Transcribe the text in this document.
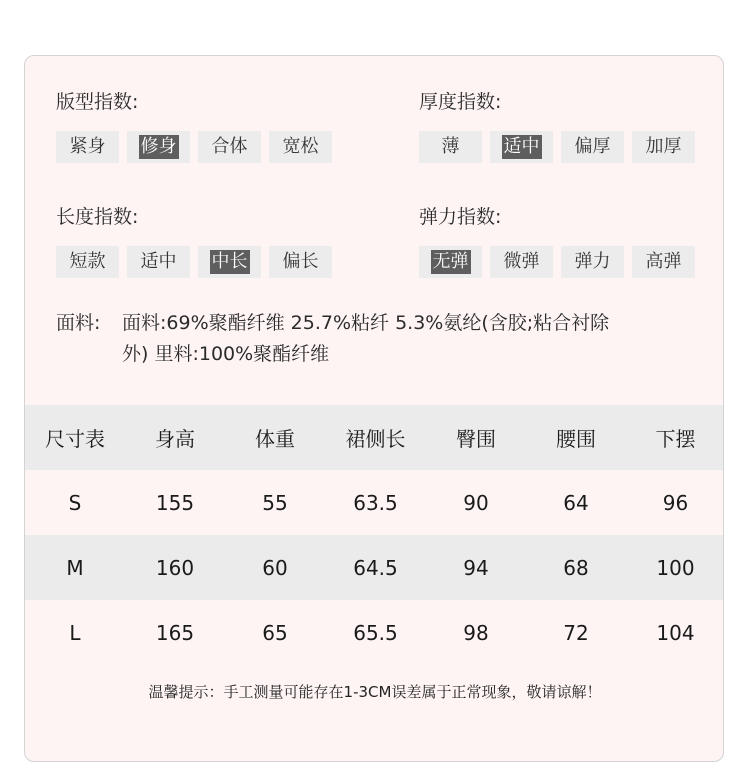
版型指数:
紧身	修身	合体	宽松
厚度指数:
薄	适中	偏厚	加厚
长度指数:
短款	适中	中长	偏长
弹力指数:
无弹	微弹	弹力	高弹
面料:	面料:69%聚酯纤维 25.7%粘纤 5.3%氨纶(含胶;粘合衬除
外) 里料:100%聚酯纤维
尺寸表	身高	体重	裙侧长	臀围	腰围	下摆
S	155	55	63.5	90	64	96
M	160	60	64.5	94	68	100
L	165	65	65.5	98	72	104
温馨提示：手工测量可能存在1-3CM误差属于正常现象，敬请谅解！
